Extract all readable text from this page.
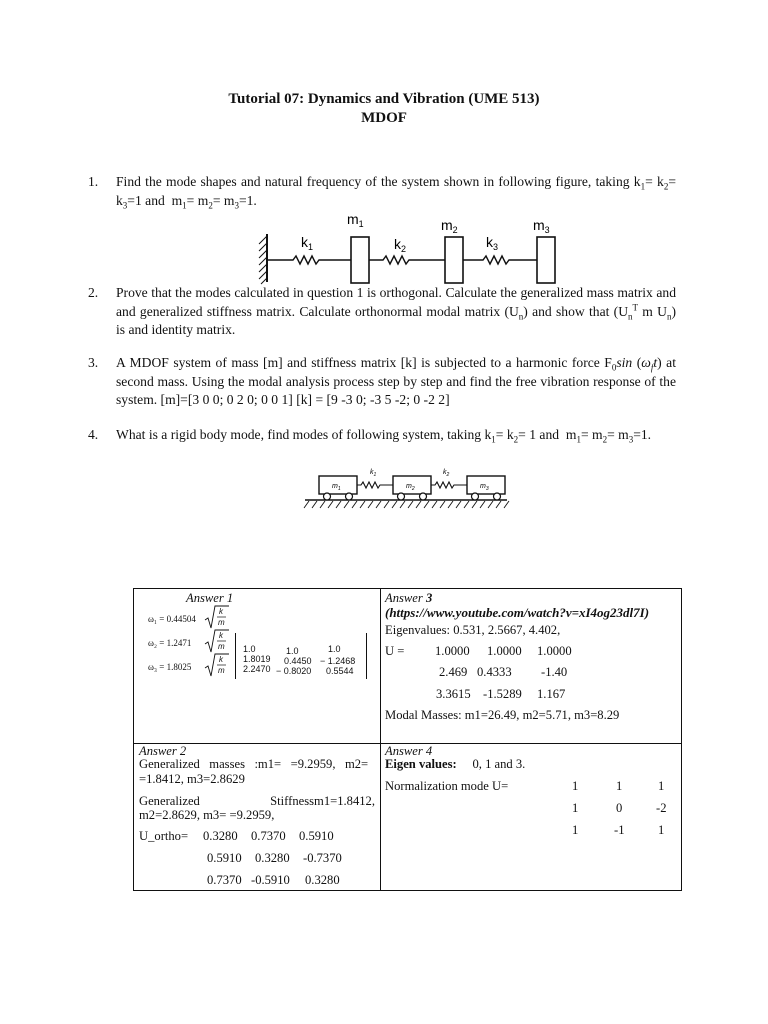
Tutorial 07: Dynamics and Vibration (UME 513)
MDOF
1. Find the mode shapes and natural frequency of the system shown in following figure, taking $k_1= k_2= k_3=1$ and  $m_1= m_2= m_3=1$.
$m_1$	$m_2$	$m_3$
$k_1$	$k_2$	$k_3$
2. Prove that the modes calculated in question 1 is orthogonal. Calculate the generalized mass matrix and and generalized stiffness matrix. Calculate orthonormal modal matrix $(U_n)$ and show that ($U_n^T$ m $U_n$) is and identity matrix.
3. A MDOF system of mass [m] and stiffness matrix [k] is subjected to a harmonic force $F_0\sin$ $(\omega_ft)$ at second mass. Using the modal analysis process step by step and find the free vibration response of the system. [m]=[3 0 0; 0 2 0; 0 0 1] [k] = [9 -3 0; -3 5 -2; 0 -2 2]
4. What is a rigid body mode, find modes of following system, taking $k_1= k_2= 1$ and  $m_1= m_2= m_3=1$.
$m_1$	$m_2$	$m_3$
$k_1$	$k_2$
Answer 1
ω₁ = 0.44504
ω₂ = 1.2471
ω₃ = 1.8025
k
m
k
m
k
m
1.0	1.0	1.0
1.8019 0.4450 − 1.2468
2.2470 − 0.8020 0.5544
Answer 3
(https://www.youtube.com/watch?v=xI4og23dl7I)
Eigenvalues: 0.531, 2.5667, 4.402,
U = 1.0000 1.0000 1.0000
2.469 0.4333 -1.40
3.3615 -1.5289 1.167
Modal Masses: m1=26.49, m2=5.71, m3=8.29
Answer 2
Generalized masses :m1= =9.2959, m2=
=1.8412, m3=2.8629
Generalized	Stiffnessm1=1.8412,
m2=2.8629, m3= =9.2959,
U_ortho= 0.3280 0.7370 0.5910
0.5910 0.3280 -0.7370
0.7370 -0.5910 0.3280
Answer 4
Eigen values: 0, 1 and 3.
Normalization mode U=	1	1	1
1	0	-2
1	-1	1
